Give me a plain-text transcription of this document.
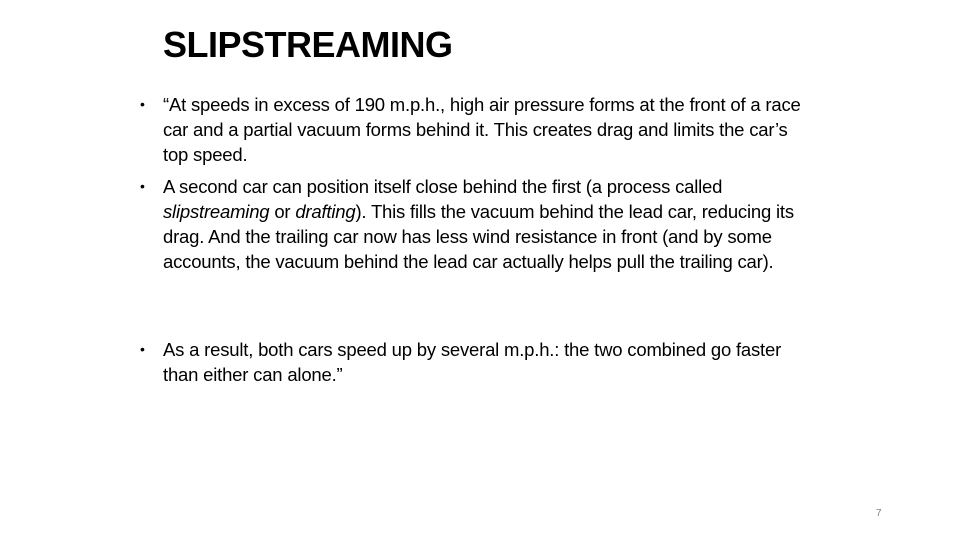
SLIPSTREAMING
• “At speeds in excess of 190 m.p.h., high air pressure forms at the front of a race car and a partial vacuum forms behind it. This creates drag and limits the car’s top speed.
• A second car can position itself close behind the first (a process called slipstreaming or drafting). This fills the vacuum behind the lead car, reducing its drag. And the trailing car now has less wind resistance in front (and by some accounts, the vacuum behind the lead car actually helps pull the trailing car).
• As a result, both cars speed up by several m.p.h.: the two combined go faster than either can alone.”
7
